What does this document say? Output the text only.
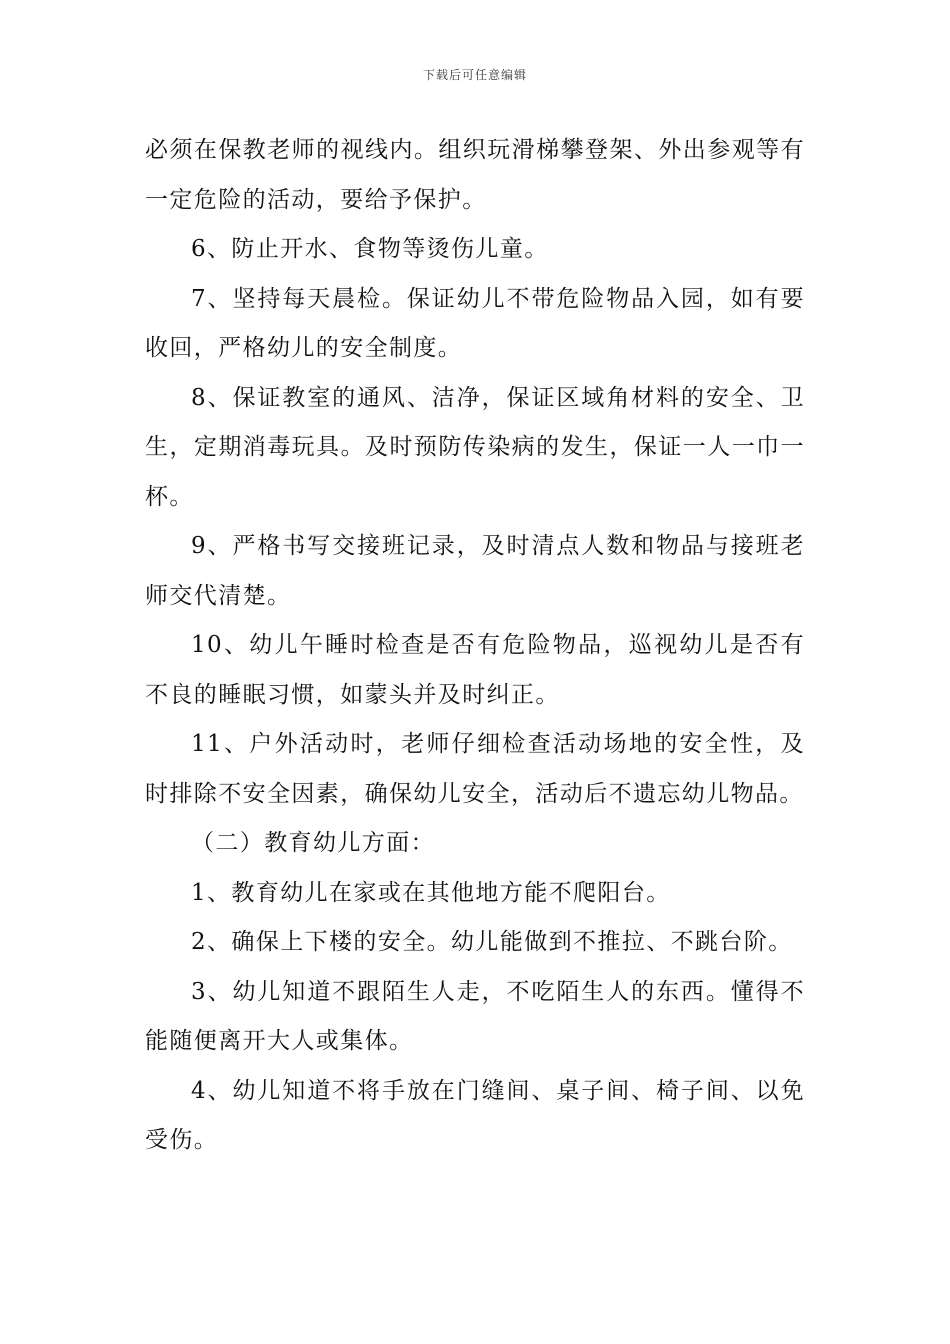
下载后可任意编辑

必须在保教老师的视线内。组织玩滑梯攀登架、外出参观等有一定危险的活动，要给予保护。

6、防止开水、食物等烫伤儿童。

7、坚持每天晨检。保证幼儿不带危险物品入园，如有要收回，严格幼儿的安全制度。

8、保证教室的通风、洁净，保证区域角材料的安全、卫生，定期消毒玩具。及时预防传染病的发生，保证一人一巾一杯。

9、严格书写交接班记录，及时清点人数和物品与接班老师交代清楚。

10、幼儿午睡时检查是否有危险物品，巡视幼儿是否有不良的睡眠习惯，如蒙头并及时纠正。

11、户外活动时，老师仔细检查活动场地的安全性，及时排除不安全因素，确保幼儿安全，活动后不遗忘幼儿物品。

（二）教育幼儿方面：

1、教育幼儿在家或在其他地方能不爬阳台。

2、确保上下楼的安全。幼儿能做到不推拉、不跳台阶。

3、幼儿知道不跟陌生人走，不吃陌生人的东西。懂得不能随便离开大人或集体。

4、幼儿知道不将手放在门缝间、桌子间、椅子间、以免受伤。
